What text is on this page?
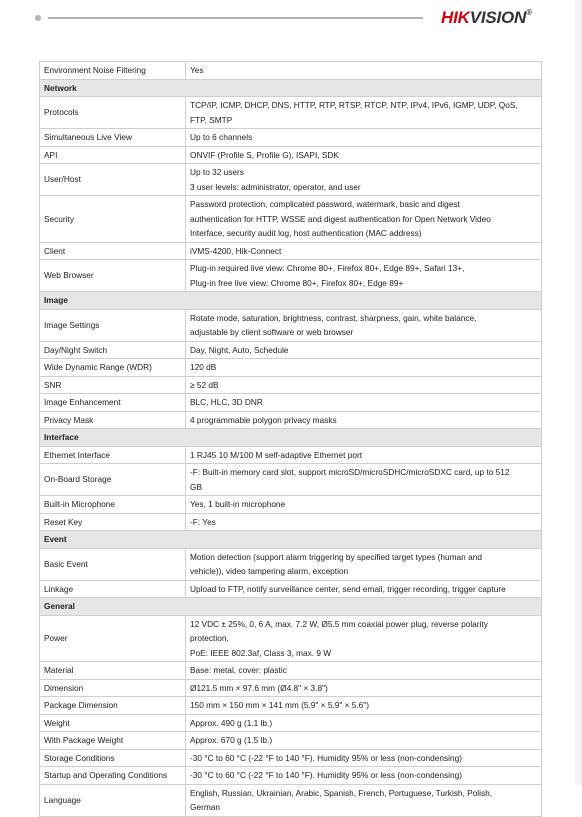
HIKVISION®
Environment Noise Filtering	Yes

Network	
Protocols	TCP/IP, ICMP, DHCP, DNS, HTTP, RTP, RTSP, RTCP, NTP, IPv4, IPv6, IGMP, UDP, QoS,
FTP, SMTP

Simultaneous Live View	Up to 6 channels

API	ONVIF (Profile S, Profile G), ISAPI, SDK

User/Host	Up to 32 users
3 user levels: administrator, operator, and user

Security	Password protection, complicated password, watermark, basic and digest
authentication for HTTP, WSSE and digest authentication for Open Network Video
Interface, security audit log, host authentication (MAC address)

Client	iVMS-4200, Hik-Connect

Web Browser	Plug-in required live view: Chrome 80+, Firefox 80+, Edge 89+, Safari 13+,
Plug-in free live view: Chrome 80+, Firefox 80+, Edge 89+

Image	
Image Settings	Rotate mode, saturation, brightness, contrast, sharpness, gain, white balance,
adjustable by client software or web browser

Day/Night Switch	Day, Night, Auto, Schedule

Wide Dynamic Range (WDR)	120 dB

SNR	≥ 52 dB

Image Enhancement	BLC, HLC, 3D DNR

Privacy Mask	4 programmable polygon privacy masks

Interface	
Ethernet Interface	1 RJ45 10 M/100 M self-adaptive Ethernet port

On-Board Storage	-F: Built-in memory card slot, support microSD/microSDHC/microSDXC card, up to 512
GB

Built-in Microphone	Yes, 1 built-in microphone

Reset Key	-F: Yes

Event	
Basic Event	Motion detection (support alarm triggering by specified target types (human and
vehicle)), video tampering alarm, exception

Linkage	Upload to FTP, notify surveillance center, send email, trigger recording, trigger capture

General	
Power	12 VDC ± 25%, 0, 6 A, max. 7.2 W, Ø5.5 mm coaxial power plug, reverse polarity
protection,
PoE: IEEE 802.3af, Class 3, max. 9 W

Material	Base: metal, cover: plastic

Dimension	Ø121.5 mm × 97.6 mm (Ø4.8" × 3.8")

Package Dimension	150 mm × 150 mm × 141 mm (5.9" × 5.9" × 5.6")

Weight	Approx. 490 g (1.1 lb.)

With Package Weight	Approx. 670 g (1.5 lb.)

Storage Conditions	-30 °C to 60 °C (-22 °F to 140 °F). Humidity 95% or less (non-condensing)

Startup and Operating Conditions	-30 °C to 60 °C (-22 °F to 140 °F). Humidity 95% or less (non-condensing)

Language	English, Russian, Ukrainian, Arabic, Spanish, French, Portuguese, Turkish, Polish,
German
